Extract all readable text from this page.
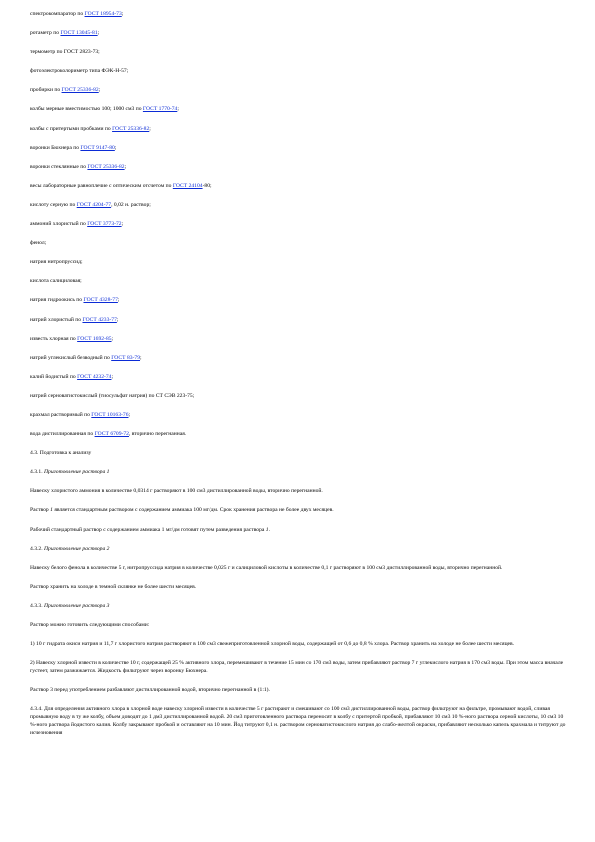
спектрокомпаратор по ГОСТ 18954-73;
ротаметр по ГОСТ 13045-81;
термометр по ГОСТ 2823-73;
фотоэлектроколориметр типа ФЭК-Н-57;
пробирки по ГОСТ 25336-82;
колбы мерные вместимостью 100; 1000 см3 по ГОСТ 1770-74;
колбы с притертыми пробками по ГОСТ 25336-82;
воронки Бюхнера по ГОСТ 9147-80;
воронки стеклянные по ГОСТ 25336-82;
весы лабораторные равноплечие с оптическим отсчетом по ГОСТ 24104-80;
кислоту серную по ГОСТ 4204-77, 0,02 н. раствор;
аммоний хлористый по ГОСТ 3773-72;
фенол;
натрия нитропруссид;
кислота салициловая;
натрия гидроокись по ГОСТ 4328-77;
натрий хлористый по ГОСТ 4233-77;
известь хлорная по ГОСТ 1692-85;
натрий углекислый безводный по ГОСТ 83-79;
калий йодистый по ГОСТ 4232-74;
натрий серноватистокислый (тиосульфат натрия) по СТ СЭВ 223-75;
крахмал растворимый по ГОСТ 10163-76;
вода дистиллированная по ГОСТ 6709-72, вторично перегнанная.
4.3. Подготовка к анализу
4.3.1. Приготовление раствора 1
Навеску хлористого аммония в количестве 0,0314 г растворяют в 100 см3 дистиллированной воды, вторично перегнанной.
Раствор 1 является стандартным раствором с содержанием аммиака 100 мг/дм. Срок хранения раствора не более двух месяцев.
Рабочий стандартный раствор с содержанием аммиака 1 мг/дм готовят путем разведения раствора 1.
4.3.2. Приготовление раствора 2
Навеску белого фенола в количестве 5 г, нитропруссида натрия в количестве 0,025 г и салициловой кислоты в количестве 0,1 г растворяют в 100 см3 дистиллированной воды, вторично перегнанной.
Раствор хранить на холоде в темной склянке не более шести месяцев.
4.3.3. Приготовление раствора 3
Раствор можно готовить следующими способами:
1) 10 г гидрата окиси натрия и 11,7 г хлористого натрия растворяют в 100 см3 свежеприготовленной хлорной воды, содержащей от 0,6 до 0,8 % хлора. Раствор хранить на холоде не более шести месяцев.
2) Навеску хлорной извести в количестве 10 г, содержащей 25 % активного хлора, перемешивают в течение 15 мин со 170 см3 воды, затем прибавляют раствор 7 г углекислого натрия в 170 см3 воды. При этом масса вначале густеет, затем разжижается. Жидкость фильтруют через воронку Бюхнера.
Раствор 3 перед употреблением разбавляют дистиллированной водой, вторично перегнанной в (1:1).
4.3.4. Для определения активного хлора в хлорной воде навеску хлорной извести в количестве 5 г растирают и смешивают со 100 см3 дистиллированной воды, раствор фильтруют на фильтре, промывают водой, сливая промывную воду в ту же колбу, объем доводят до 1 дм3 дистиллированной водой. 20 см3 приготовленного раствора переносят в колбу с притертой пробкой, прибавляют 10 см3 10 %-ного раствора серной кислоты, 10 см3 10 %-ного раствора йодистого калия. Колбу закрывают пробкой и оставляют на 10 мин. Йод титруют 0,1 н. раствором серноватистокислого натрия до слабо-желтой окраски, прибавляют несколько капель крахмала и титруют до исчезновения
